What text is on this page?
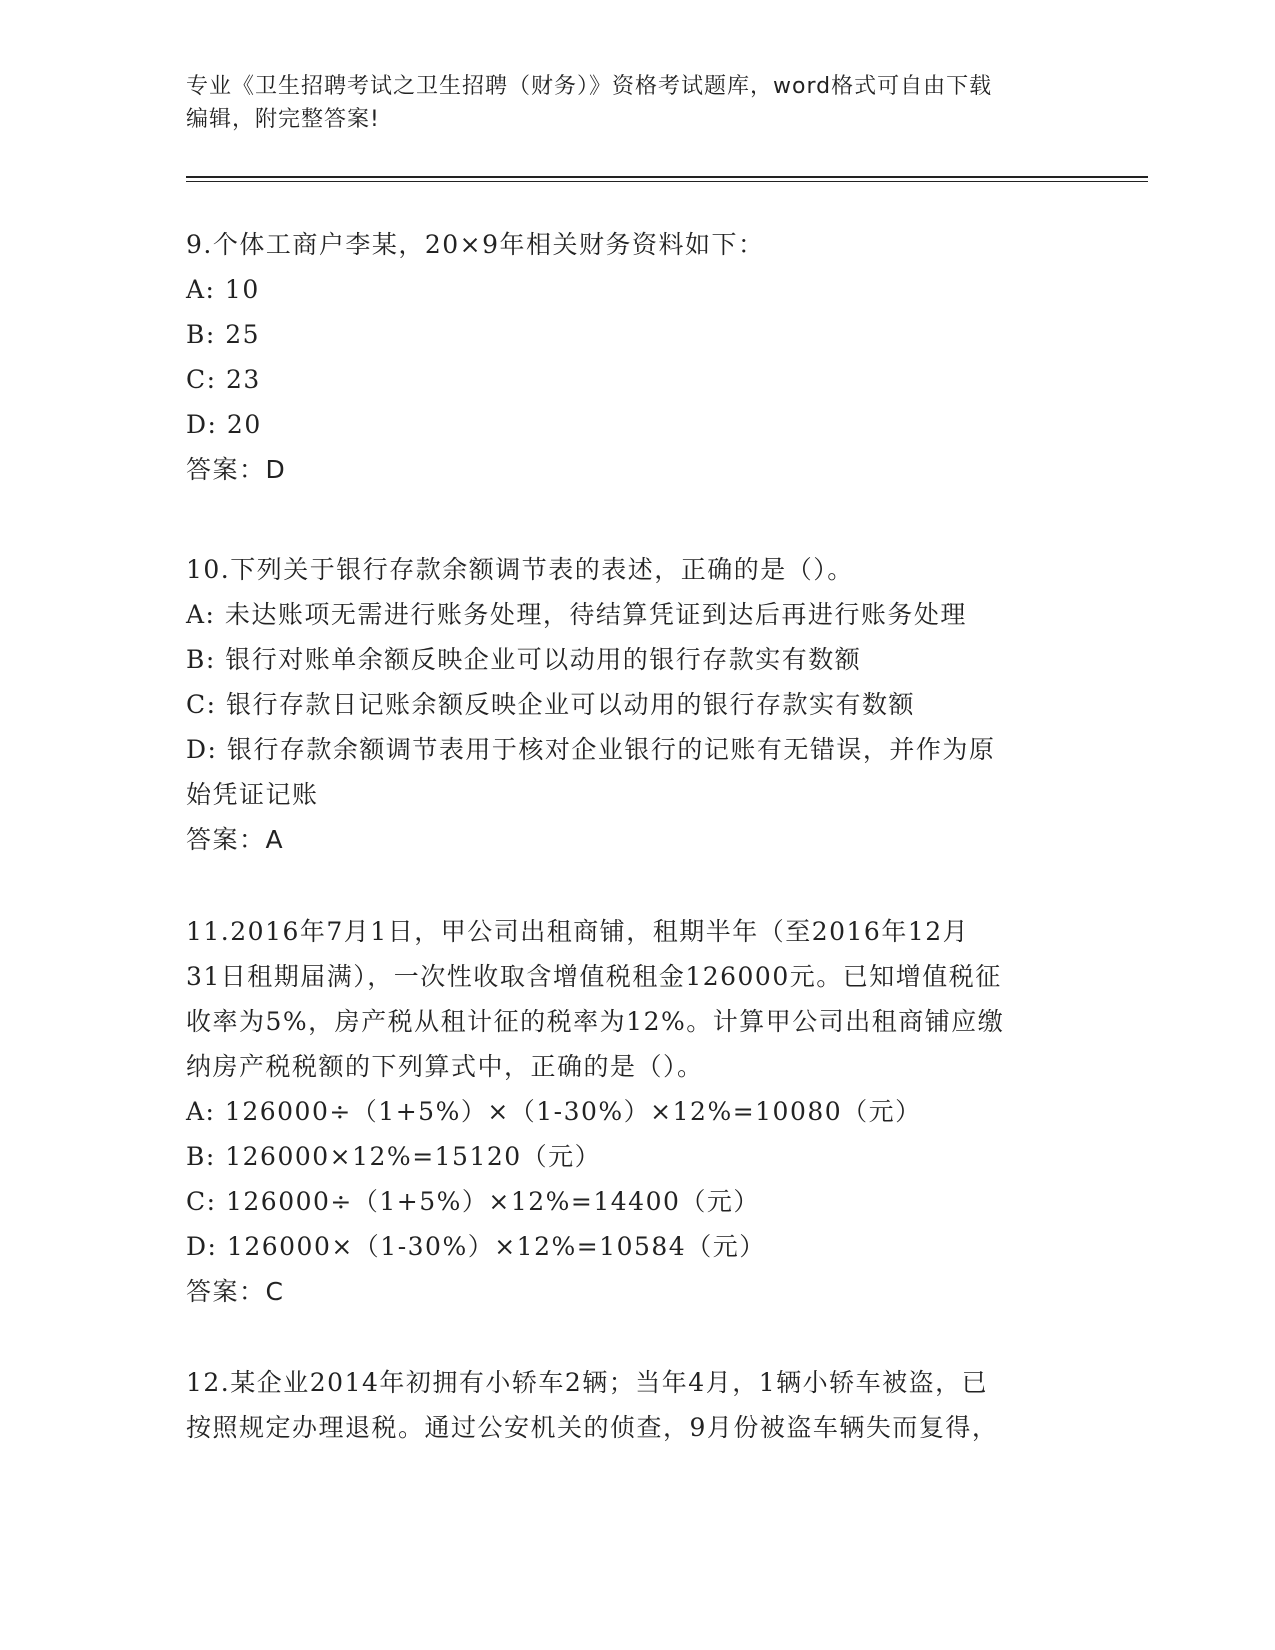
专业《卫生招聘考试之卫生招聘（财务）》资格考试题库，word格式可自由下载
编辑，附完整答案!

9.个体工商户李某，20×9年相关财务资料如下：

A: 10

B: 25

C: 23

D: 20

答案：D

10.下列关于银行存款余额调节表的表述，正确的是（）。

A: 未达账项无需进行账务处理，待结算凭证到达后再进行账务处理

B: 银行对账单余额反映企业可以动用的银行存款实有数额

C: 银行存款日记账余额反映企业可以动用的银行存款实有数额

D: 银行存款余额调节表用于核对企业银行的记账有无错误，并作为原

始凭证记账

答案：A

11.2016年7月1日，甲公司出租商铺，租期半年（至2016年12月

31日租期届满），一次性收取含增值税租金126000元。已知增值税征

收率为5%，房产税从租计征的税率为12%。计算甲公司出租商铺应缴

纳房产税税额的下列算式中，正确的是（）。

A: 126000÷（1+5%）×（1-30%）×12%=10080（元）

B: 126000×12%=15120（元）

C: 126000÷（1+5%）×12%=14400（元）

D: 126000×（1-30%）×12%=10584（元）

答案：C

12.某企业2014年初拥有小轿车2辆；当年4月，1辆小轿车被盗，已

按照规定办理退税。通过公安机关的侦查，9月份被盗车辆失而复得，
